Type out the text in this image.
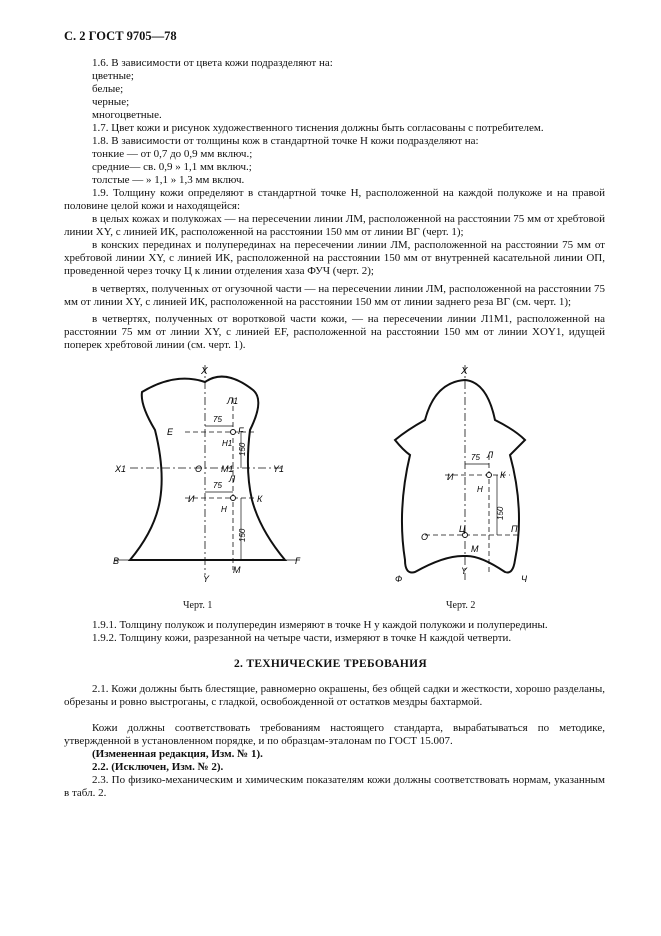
С. 2 ГОСТ 9705—78
1.6. В зависимости от цвета кожи подразделяют на:
цветные;
белые;
черные;
многоцветные.
1.7. Цвет кожи и рисунок художественного тиснения должны быть согласованы с потребителем.
1.8. В зависимости от толщины кож в стандартной точке Н кожи подразделяют на:
тонкие — от 0,7 до 0,9 мм включ.;
средние— св. 0,9 » 1,1 мм включ.;
толстые — » 1,1 » 1,3 мм включ.
1.9. Толщину кожи определяют в стандартной точке Н, расположенной на каждой полукоже и на правой половине целой кожи и находящейся:
в целых кожах и полукожах — на пересечении линии ЛМ, расположенной на расстоянии 75 мм от хребтовой линии XY, с линией ИК, расположенной на расстоянии 150 мм от линии ВГ (черт. 1);
в конских перединах и полуперединах на пересечении линии ЛМ, расположенной на расстоянии 75 мм от хребтовой линии XY, с линией ИК, расположенной на расстоянии 150 мм от внутренней касательной линии ОП, проведенной через точку Ц к линии отделения хаза ФУЧ (черт. 2);
в четвертях, полученных от огузочной части — на пересечении линии ЛМ, расположенной на расстоянии 75 мм от линии XY, с линией ИК, расположенной на расстоянии 150 мм от линии заднего реза ВГ (см. черт. 1);
в четвертях, полученных от воротковой части кожи, — на пересечении линии Л1М1, расположенной на расстоянии 75 мм от линии XY, с линией EF, расположенной на расстоянии 150 мм от линии XOY1, идущей поперек хребтовой линии (см. черт. 1).
X
Л1
E	F
75
Н1 150
X1	O М1	Y1
Л
75
И	К
Н
150
В	Г
М
Y
Черт. 1
X
75 Л
И	К
Н
150
П
О
Ц
М
Ф
Y
Ч
Черт. 2
1.9.1. Толщину полукож и полупередин измеряют в точке Н у каждой полукожи и полупередины.
1.9.2. Толщину кожи, разрезанной на четыре части, измеряют в точке Н каждой четверти.
2. ТЕХНИЧЕСКИЕ ТРЕБОВАНИЯ
2.1. Кожи должны быть блестящие, равномерно окрашены, без общей садки и жесткости, хорошо разделаны, обрезаны и ровно выстроганы, с гладкой, освобожденной от остатков мездры бахтармой.
Кожи должны соответствовать требованиям настоящего стандарта, вырабатываться по методике, утвержденной в установленном порядке, и по образцам-эталонам по ГОСТ 15.007.
(Измененная редакция, Изм. № 1).
2.2. (Исключен, Изм. № 2).
2.3. По физико-механическим и химическим показателям кожи должны соответствовать нормам, указанным в табл. 2.
